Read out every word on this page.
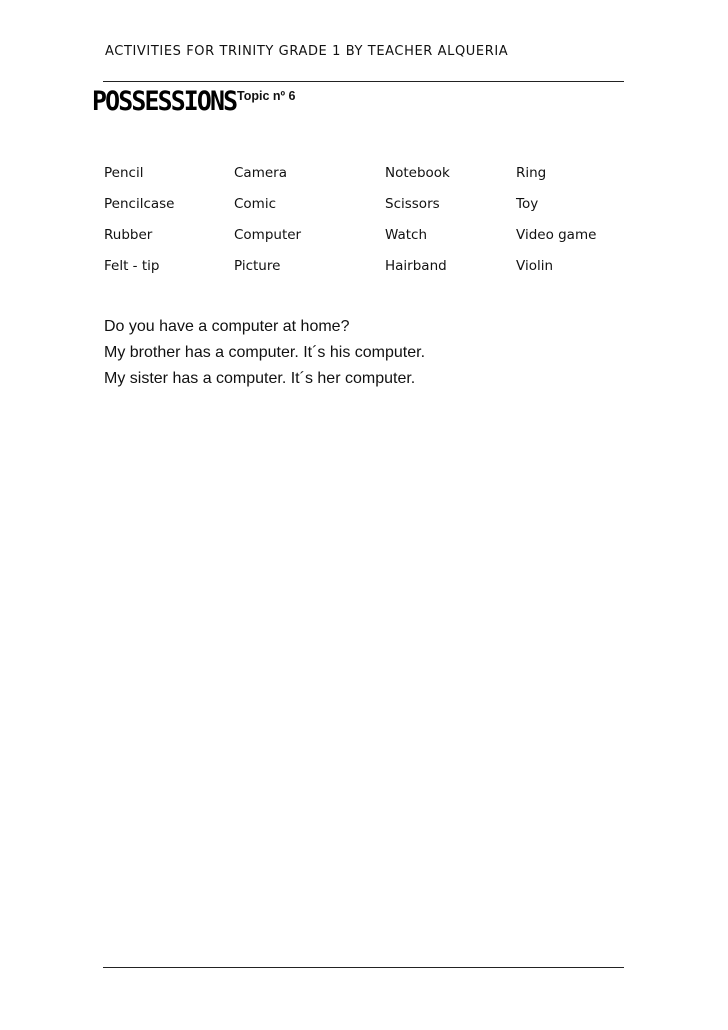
ACTIVITIES FOR TRINITY GRADE 1 BY TEACHER ALQUERIA
POSSESSIONS Topic nº 6
Pencil	Camera	Notebook	Ring
Pencilcase	Comic	Scissors	Toy
Rubber	Computer	Watch	Video game
Felt - tip	Picture	Hairband	Violin
Do you have a computer at home?
My brother has a computer. It´s his computer.
My sister has a computer. It´s her computer.
